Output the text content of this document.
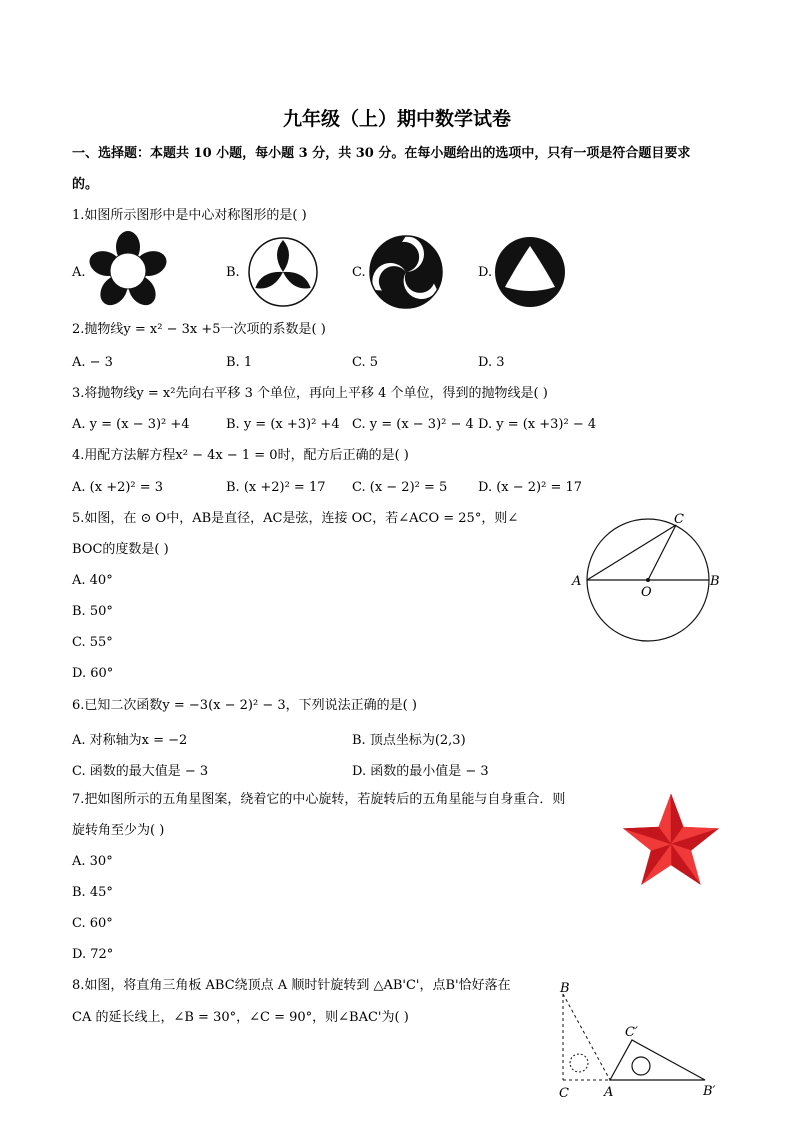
九年级（上）期中数学试卷
一、选择题：本题共 10 小题，每小题 3 分，共 30 分。在每小题给出的选项中，只有一项是符合题目要求
的。
1.如图所示图形中是中心对称图形的是( )
A.	B.	C.	D.
2.抛物线y = x² − 3x +5一次项的系数是( )
A. − 3	B. 1	C. 5	D. 3
3.将抛物线y = x²先向右平移 3 个单位，再向上平移 4 个单位，得到的抛物线是( )
A. y = (x − 3)² +4	B. y = (x +3)² +4 C. y = (x − 3)² − 4 D. y = (x +3)² − 4
4.用配方法解方程x² − 4x − 1 = 0时，配方后正确的是( )
A. (x +2)² = 3	B. (x +2)² = 17 C. (x − 2)² = 5 D. (x − 2)² = 17
5.如图，在 ⊙ O中，AB是直径，AC是弦，连接 OC，若∠ACO = 25°，则∠
BOC的度数是( )
A. 40°
B. 50°
C. 55°
D. 60°
A	B
C
O
6.已知二次函数y = −3(x − 2)² − 3，下列说法正确的是( )
A. 对称轴为x = −2	B. 顶点坐标为(2,3)
C. 函数的最大值是 − 3	D. 函数的最小值是 − 3
7.把如图所示的五角星图案，绕着它的中心旋转，若旋转后的五角星能与自身重合．则
旋转角至少为( )
A. 30°
B. 45°
C. 60°
D. 72°
8.如图，将直角三角板 ABC绕顶点 A 顺时针旋转到 △AB'C'，点B'恰好落在
CA 的延长线上，∠B = 30°，∠C = 90°，则∠BAC'为( )
B
C	A
C′
B′
